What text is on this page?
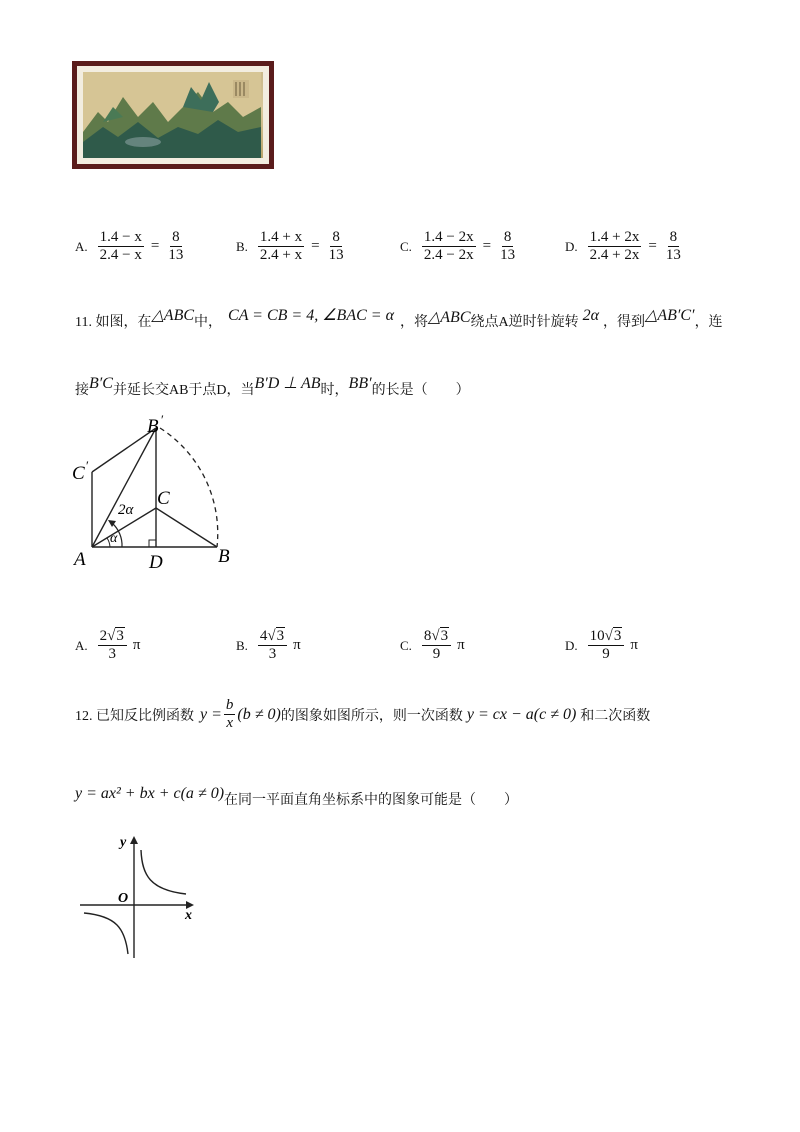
A. $\frac{1.4 - x}{2.4 - x} = \frac{8}{13}$	B. $\frac{1.4 + x}{2.4 + x} = \frac{8}{13}$	C. $\frac{1.4 - 2x}{2.4 - 2x} = \frac{8}{13}$	D. $\frac{1.4 + 2x}{2.4 + 2x} = \frac{8}{13}$
11. 如图，在△ABC中， CA = CB = 4, ∠BAC = α ，将△ABC绕点A逆时针旋转 2α ，得到△AB′C′，连
接B′C并延长交AB于点D，当B′D ⊥ AB时，BB′的长是（　　）
B ′
C ′
C
A	D	B
2α
α
A. $\frac{2√3}{3}$ π	B. $\frac{4√3}{3}$ π	C. $\frac{8√3}{9}$ π	D. $\frac{10√3}{9}$ π
12. 已知反比例函数 $y = \frac{b}{x} (b \ne 0)$ 的图象如图所示，则一次函数 y = cx − a(c ≠ 0) 和二次函数
y = ax² + bx + c(a ≠ 0)在同一平面直角坐标系中的图象可能是（　　）
y
x
O
